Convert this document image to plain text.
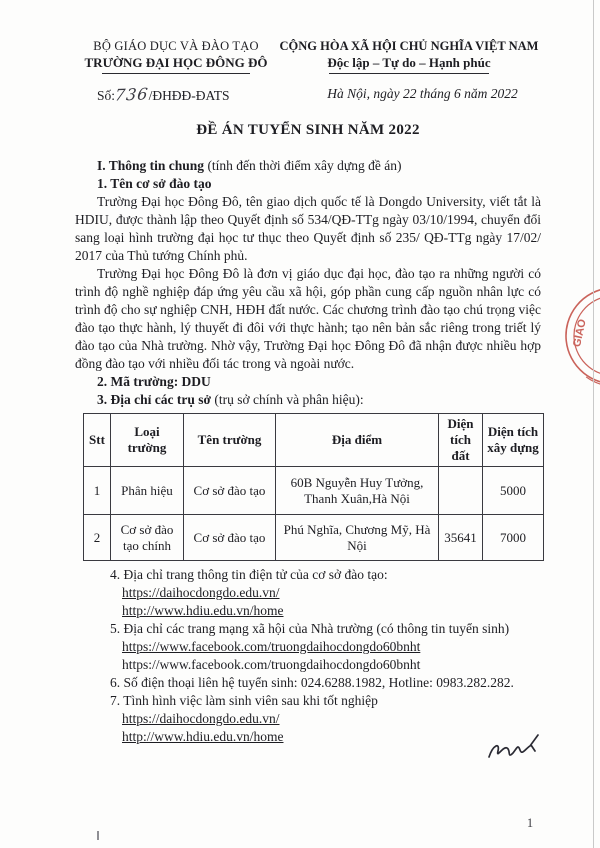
BỘ GIÁO DỤC VÀ ĐÀO TẠO
TRƯỜNG ĐẠI HỌC ĐÔNG ĐÔ
CỘNG HÒA XÃ HỘI CHỦ NGHĨA VIỆT NAM
Độc lập – Tự do – Hạnh phúc
Số:736/ĐHĐĐ-ĐATS	Hà Nội, ngày 22 tháng 6 năm 2022
ĐỀ ÁN TUYỂN SINH NĂM 2022
I. Thông tin chung (tính đến thời điểm xây dựng đề án)
1. Tên cơ sở đào tạo

Trường Đại học Đông Đô, tên giao dịch quốc tế là Dongdo University, viết tắt là HDIU, được thành lập theo Quyết định số 534/QĐ-TTg ngày 03/10/1994, chuyển đổi sang loại hình trường đại học tư thục theo Quyết định số 235/ QĐ-TTg ngày 17/02/ 2017 của Thủ tướng Chính phủ.

Trường Đại học Đông Đô là đơn vị giáo dục đại học, đào tạo ra những người có trình độ nghề nghiệp đáp ứng yêu cầu xã hội, góp phần cung cấp nguồn nhân lực có trình độ cho sự nghiệp CNH, HĐH đất nước. Các chương trình đào tạo chú trọng việc đào tạo thực hành, lý thuyết đi đôi với thực hành; tạo nên bản sắc riêng trong triết lý đào tạo của Nhà trường. Nhờ vậy, Trường Đại học Đông Đô đã nhận được nhiều hợp đồng đào tạo với nhiều đối tác trong và ngoài nước.

2. Mã trường: DDU
3. Địa chỉ các trụ sở (trụ sở chính và phân hiệu):
Stt	Loại trường	Tên trường	Địa điểm	Diện tích đất	Diện tích xây dựng
1	Phân hiệu	Cơ sở đào tạo	60B Nguyễn Huy Tưởng, Thanh Xuân,Hà Nội		5000
2	Cơ sở đào tạo chính	Cơ sở đào tạo	Phú Nghĩa, Chương Mỹ, Hà Nội	35641	7000
4. Địa chỉ trang thông tin điện tử của cơ sở đào tạo:
https://daihocdongdo.edu.vn/
http://www.hdiu.edu.vn/home
5. Địa chỉ các trang mạng xã hội của Nhà trường (có thông tin tuyển sinh)
https://www.facebook.com/truongdaihocdongdo60bnht
https://www.facebook.com/truongdaihocdongdo60bnht
6. Số điện thoại liên hệ tuyển sinh: 024.6288.1982, Hotline: 0983.282.282.
7. Tình hình việc làm sinh viên sau khi tốt nghiệp
https://daihocdongdo.edu.vn/
http://www.hdiu.edu.vn/home
GIÁO
1
